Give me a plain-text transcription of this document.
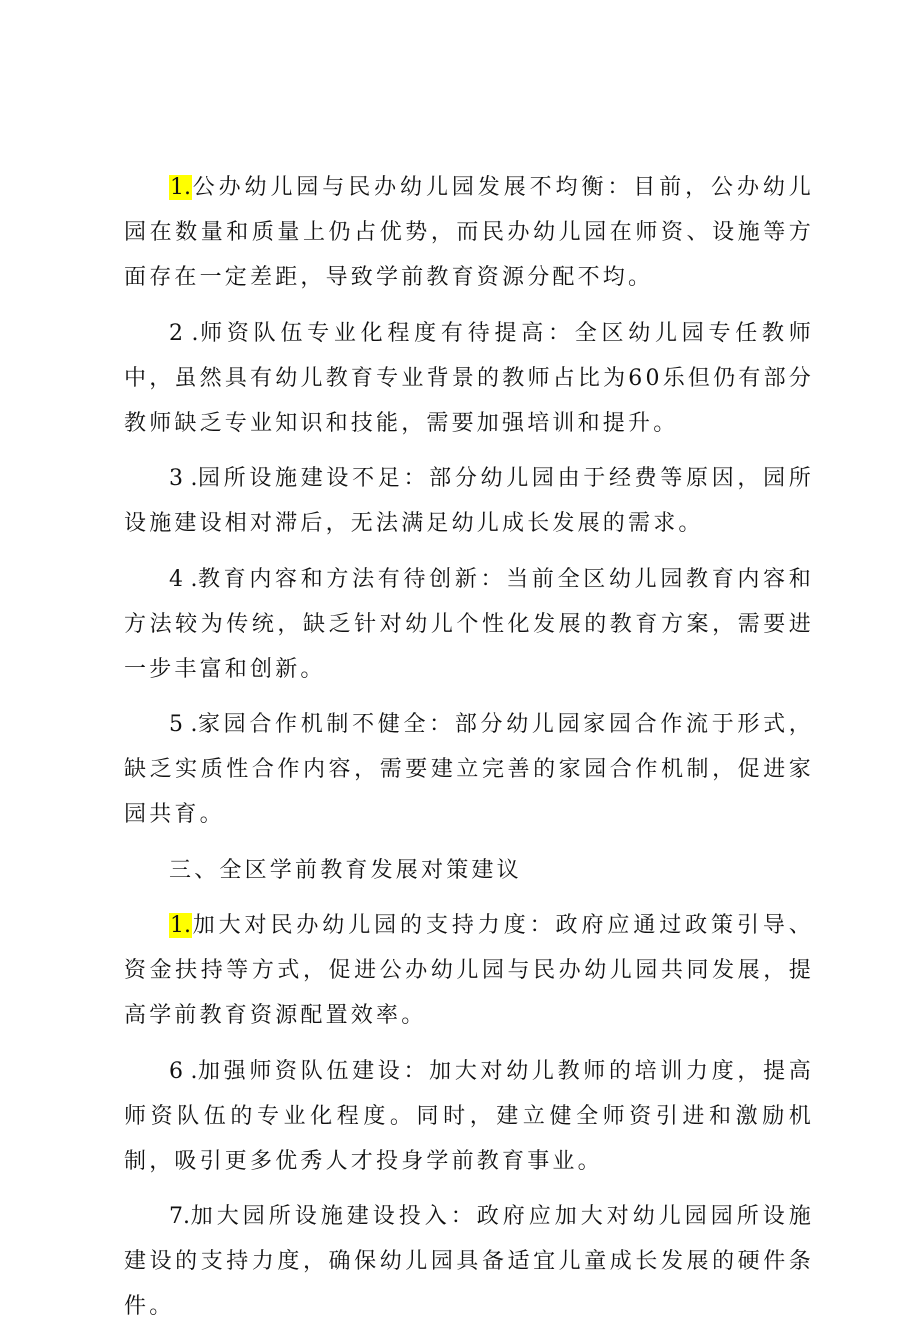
1.公办幼儿园与民办幼儿园发展不均衡：目前，公办幼儿园在数量和质量上仍占优势，而民办幼儿园在师资、设施等方面存在一定差距，导致学前教育资源分配不均。

2 .师资队伍专业化程度有待提高：全区幼儿园专任教师中，虽然具有幼儿教育专业背景的教师占比为60乐但仍有部分教师缺乏专业知识和技能，需要加强培训和提升。

3 .园所设施建设不足：部分幼儿园由于经费等原因，园所设施建设相对滞后，无法满足幼儿成长发展的需求。

4 .教育内容和方法有待创新：当前全区幼儿园教育内容和方法较为传统，缺乏针对幼儿个性化发展的教育方案，需要进一步丰富和创新。

5 .家园合作机制不健全：部分幼儿园家园合作流于形式，缺乏实质性合作内容，需要建立完善的家园合作机制，促进家园共育。

三、全区学前教育发展对策建议

1.加大对民办幼儿园的支持力度：政府应通过政策引导、资金扶持等方式，促进公办幼儿园与民办幼儿园共同发展，提高学前教育资源配置效率。

6 .加强师资队伍建设：加大对幼儿教师的培训力度，提高师资队伍的专业化程度。同时，建立健全师资引进和激励机制，吸引更多优秀人才投身学前教育事业。

7.加大园所设施建设投入：政府应加大对幼儿园园所设施建设的支持力度，确保幼儿园具备适宜儿童成长发展的硬件条件。
